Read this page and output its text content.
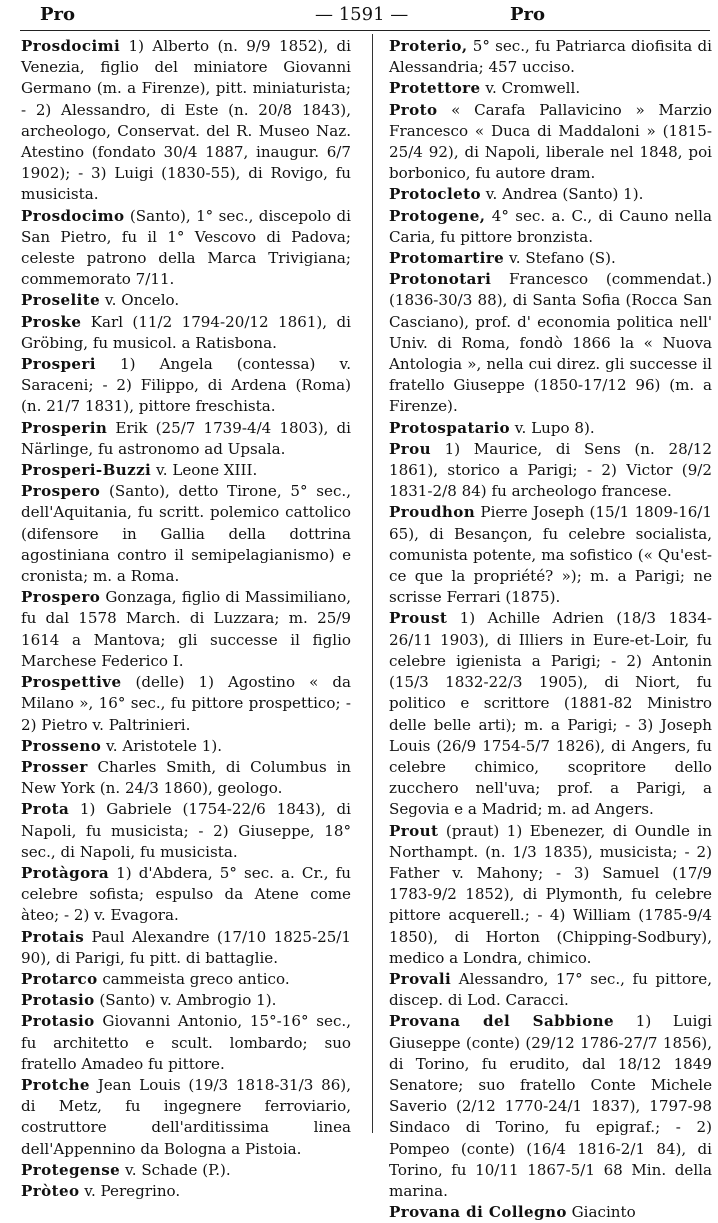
Pro	— 1591 —	Pro
Prosdocimi 1) Alberto (n. 9/9 1852), di Venezia, figlio del miniatore Giovanni Germano (m. a Firenze), pitt. miniaturista; - 2) Alessandro, di Este (n. 20/8 1843), archeologo, Conservat. del R. Museo Naz. Atestino (fondato 30/4 1887, inaugur. 6/7 1902); - 3) Luigi (1830-55), di Rovigo, fu musicista.
Prosdocimo (Santo), 1° sec., discepolo di San Pietro, fu il 1° Vescovo di Padova; celeste patrono della Marca Trivigiana; commemorato 7/11.
Proselite v. Oncelo.
Proske Karl (11/2 1794-20/12 1861), di Gröbing, fu musicol. a Ratisbona.
Prosperi 1) Angela (contessa) v. Saraceni; - 2) Filippo, di Ardena (Roma) (n. 21/7 1831), pittore freschista.
Prosperin Erik (25/7 1739-4/4 1803), di Närlinge, fu astronomo ad Upsala.
Prosperi-Buzzi v. Leone XIII.
Prospero (Santo), detto Tirone, 5° sec., dell'Aquitania, fu scritt. polemico cattolico (difensore in Gallia della dottrina agostiniana contro il semipelagianismo) e cronista; m. a Roma.
Prospero Gonzaga, figlio di Massimiliano, fu dal 1578 March. di Luzzara; m. 25/9 1614 a Mantova; gli successe il figlio Marchese Federico I.
Prospettive (delle) 1) Agostino « da Milano », 16° sec., fu pittore prospettico; - 2) Pietro v. Paltrinieri.
Prosseno v. Aristotele 1).
Prosser Charles Smith, di Columbus in New York (n. 24/3 1860), geologo.
Prota 1) Gabriele (1754-22/6 1843), di Napoli, fu musicista; - 2) Giuseppe, 18° sec., di Napoli, fu musicista.
Protàgora 1) d'Abdera, 5° sec. a. Cr., fu celebre sofista; espulso da Atene come àteo; - 2) v. Evagora.
Protais Paul Alexandre (17/10 1825-25/1 90), di Parigi, fu pitt. di battaglie.
Protarco cammeista greco antico.
Protasio (Santo) v. Ambrogio 1).
Protasio Giovanni Antonio, 15°-16° sec., fu architetto e scult. lombardo; suo fratello Amadeo fu pittore.
Protche Jean Louis (19/3 1818-31/3 86), di Metz, fu ingegnere ferroviario, costruttore dell'arditissima linea dell'Appennino da Bologna a Pistoia.
Protegense v. Schade (P.).
Pròteo v. Peregrino.
Proterio, 5° sec., fu Patriarca diofisita di Alessandria; 457 ucciso.
Protettore v. Cromwell.
Proto « Carafa Pallavicino » Marzio Francesco « Duca di Maddaloni » (1815-25/4 92), di Napoli, liberale nel 1848, poi borbonico, fu autore dram.
Protocleto v. Andrea (Santo) 1).
Protogene, 4° sec. a. C., di Cauno nella Caria, fu pittore bronzista.
Protomartire v. Stefano (S).
Protonotari Francesco (commendat.) (1836-30/3 88), di Santa Sofia (Rocca San Casciano), prof. d' economia politica nell' Univ. di Roma, fondò 1866 la « Nuova Antologia », nella cui direz. gli successe il fratello Giuseppe (1850-17/12 96) (m. a Firenze).
Protospatario v. Lupo 8).
Prou 1) Maurice, di Sens (n. 28/12 1861), storico a Parigi; - 2) Victor (9/2 1831-2/8 84) fu archeologo francese.
Proudhon Pierre Joseph (15/1 1809-16/1 65), di Besançon, fu celebre socialista, comunista potente, ma sofistico (« Qu'est-ce que la propriété? »); m. a Parigi; ne scrisse Ferrari (1875).
Proust 1) Achille Adrien (18/3 1834-26/11 1903), di Illiers in Eure-et-Loir, fu celebre igienista a Parigi; - 2) Antonin (15/3 1832-22/3 1905), di Niort, fu politico e scrittore (1881-82 Ministro delle belle arti); m. a Parigi; - 3) Joseph Louis (26/9 1754-5/7 1826), di Angers, fu celebre chimico, scopritore dello zucchero nell'uva; prof. a Parigi, a Segovia e a Madrid; m. ad Angers.
Prout (praut) 1) Ebenezer, di Oundle in Northampt. (n. 1/3 1835), musicista; - 2) Father v. Mahony; - 3) Samuel (17/9 1783-9/2 1852), di Plymonth, fu celebre pittore acquerell.; - 4) William (1785-9/4 1850), di Horton (Chipping-Sodbury), medico a Londra, chimico.
Provali Alessandro, 17° sec., fu pittore, discep. di Lod. Caracci.
Provana del Sabbione 1) Luigi Giuseppe (conte) (29/12 1786-27/7 1856), di Torino, fu erudito, dal 18/12 1849 Senatore; suo fratello Conte Michele Saverio (2/12 1770-24/1 1837), 1797-98 Sindaco di Torino, fu epigraf.; - 2) Pompeo (conte) (16/4 1816-2/1 84), di Torino, fu 10/11 1867-5/1 68 Min. della marina.
Provana di Collegno Giacinto
